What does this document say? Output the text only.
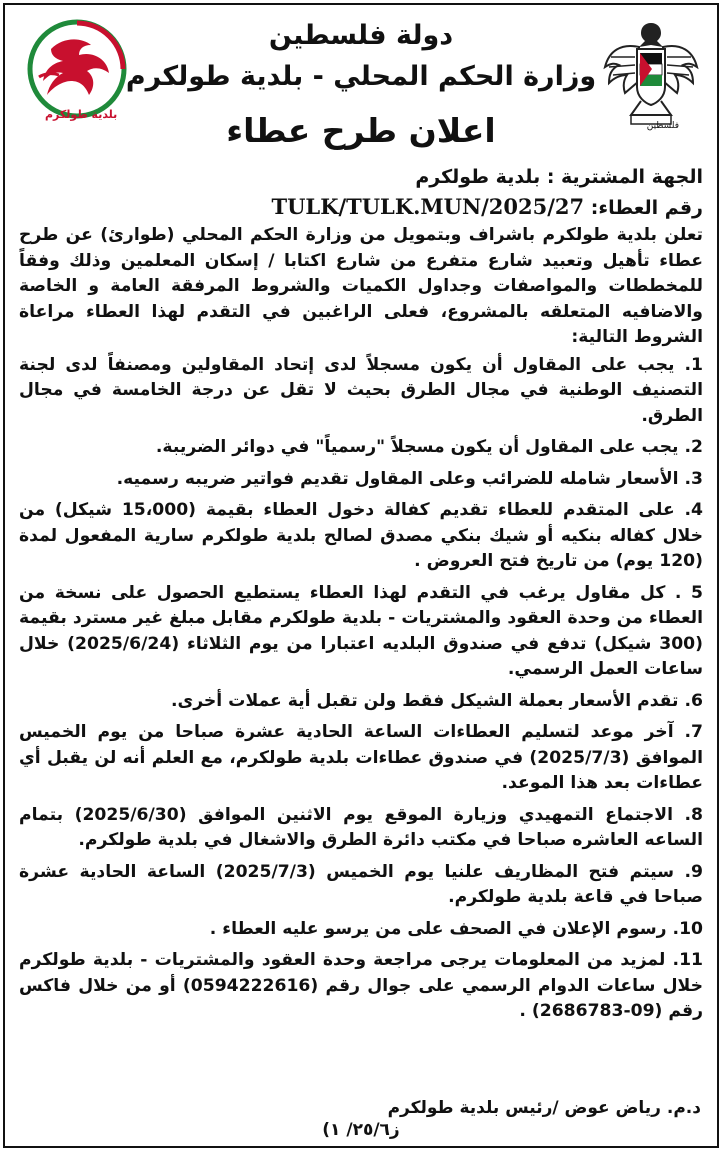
فلسطين
بلدية طولكرم
دولة فلسطين
وزارة الحكم المحلي - بلدية طولكرم
اعلان طرح عطاء

الجهة المشترية : بلدية طولكرم

رقم العطاء: TULK/TULK.MUN/2025/27

تعلن بلدية طولكرم باشراف وبتمويل من وزارة الحكم المحلي (طوارئ) عن طرح عطاء تأهيل وتعبيد شارع متفرع من شارع اكتابا / إسكان المعلمين وذلك وفقاً للمخططات والمواصفات وجداول الكميات والشروط المرفقة العامة و الخاصة والاضافيه المتعلقه بالمشروع، فعلى الراغبين في التقدم لهذا العطاء مراعاة الشروط التالية:

1. يجب على المقاول أن يكون مسجلاً لدى إتحاد المقاولين ومصنفاً لدى لجنة التصنيف الوطنية في مجال الطرق بحيث لا تقل عن درجة الخامسة في مجال الطرق.

2. يجب على المقاول أن يكون مسجلاً "رسمياً" في دوائر الضريبة.

3. الأسعار شامله للضرائب وعلى المقاول تقديم فواتير ضريبه رسميه.

4. على المتقدم للعطاء تقديم كفالة دخول العطاء بقيمة (15،000 شيكل) من خلال كفاله بنكيه أو شيك بنكي مصدق لصالح بلدية طولكرم سارية المفعول لمدة (120 يوم) من تاريخ فتح العروض .

5 . كل مقاول يرغب في التقدم لهذا العطاء يستطيع الحصول على نسخة من العطاء من وحدة العقود والمشتريات - بلدية طولكرم مقابل مبلغ غير مسترد بقيمة (300 شيكل) تدفع في صندوق البلديه اعتبارا من يوم الثلاثاء (2025/6/24) خلال ساعات العمل الرسمي.

6. تقدم الأسعار بعملة الشيكل فقط ولن تقبل أية عملات أخرى.

7. آخر موعد لتسليم العطاءات الساعة الحادية عشرة صباحا من يوم الخميس الموافق (2025/7/3) في صندوق عطاءات بلدية طولكرم، مع العلم أنه لن يقبل أي عطاءات بعد هذا الموعد.

8. الاجتماع التمهيدي وزيارة الموقع يوم الاثنين الموافق (2025/6/30) بتمام الساعه العاشره صباحا في مكتب دائرة الطرق والاشغال في بلدية طولكرم.

9. سيتم فتح المظاريف علنيا يوم الخميس (2025/7/3) الساعة الحادية عشرة صباحا في قاعة بلدية طولكرم.

10. رسوم الإعلان في الصحف على من يرسو عليه العطاء .

11. لمزيد من المعلومات يرجى مراجعة وحدة العقود والمشتريات - بلدية طولكرم خلال ساعات الدوام الرسمي على جوال رقم (0594222616) أو من خلال فاكس رقم (09-2686783) .

د.م. رياض عوض /رئيس بلدية طولكرم
ز٢٥/٦/ ١)
